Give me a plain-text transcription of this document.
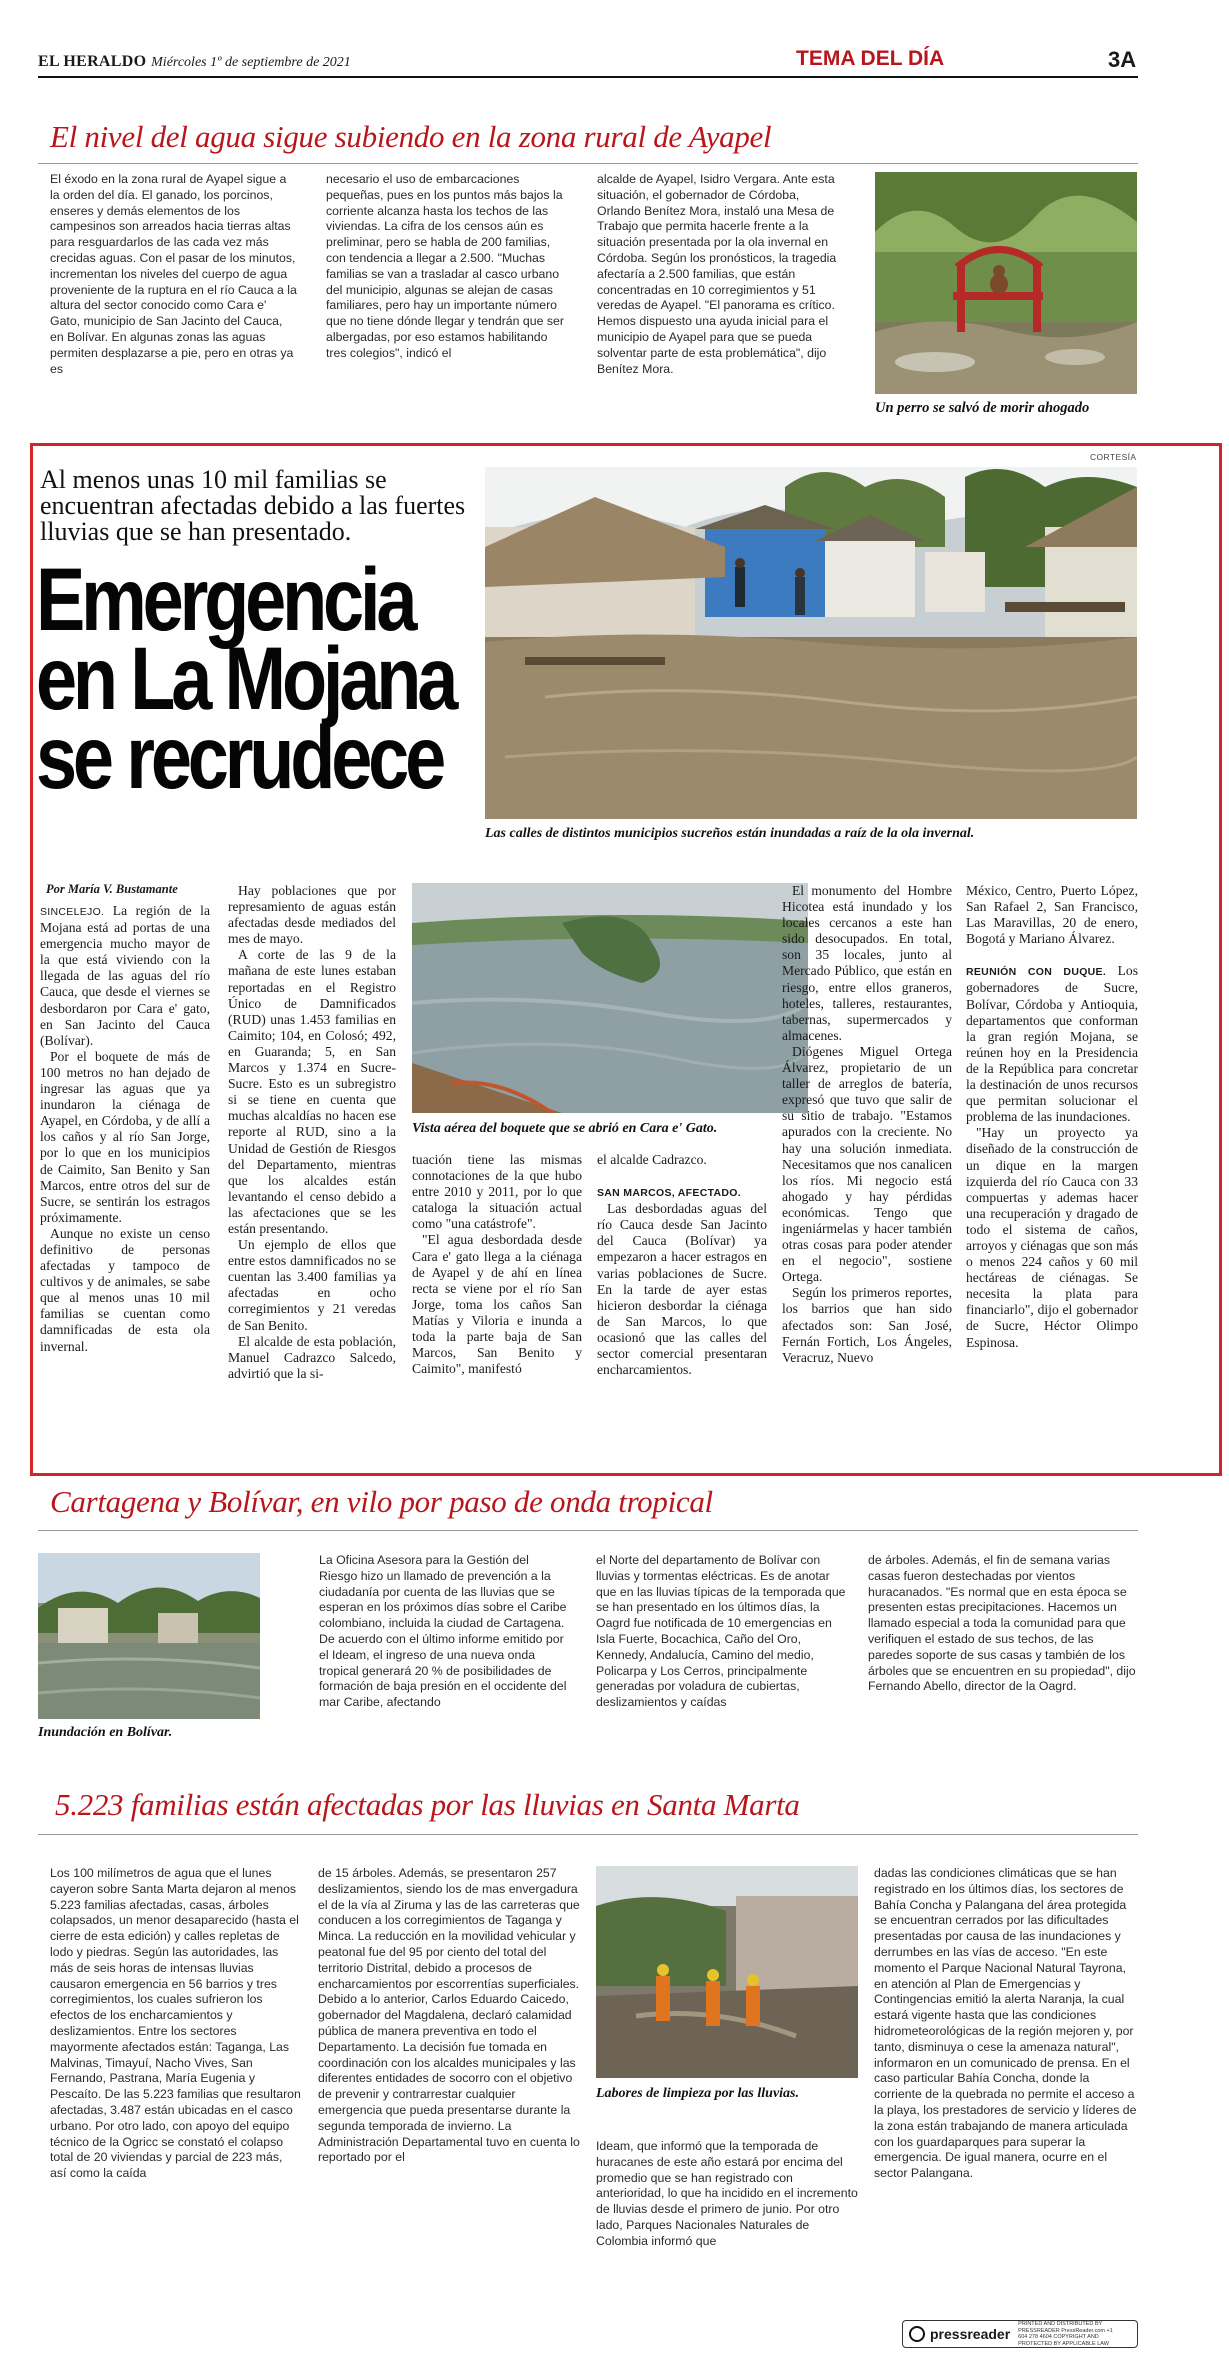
EL HERALDO Miércoles 1º de septiembre de 2021	TEMA DEL DÍA	3A
El nivel del agua sigue subiendo en la zona rural de Ayapel
El éxodo en la zona rural de Ayapel sigue a la orden del día. El ganado, los porcinos, enseres y demás elementos de los campesinos son arreados hacia tierras altas para resguardarlos de las cada vez más crecidas aguas. Con el pasar de los minutos, incrementan los niveles del cuerpo de agua proveniente de la ruptura en el río Cauca a la altura del sector conocido como Cara e' Gato, municipio de San Jacinto del Cauca, en Bolívar. En algunas zonas las aguas permiten desplazarse a pie, pero en otras ya es
necesario el uso de embarcaciones pequeñas, pues en los puntos más bajos la corriente alcanza hasta los techos de las viviendas. La cifra de los censos aún es preliminar, pero se habla de 200 familias, con tendencia a llegar a 2.500. "Muchas familias se van a trasladar al casco urbano del municipio, algunas se alejan de casas familiares, pero hay un importante número que no tiene dónde llegar y tendrán que ser albergadas, por eso estamos habilitando tres colegios", indicó el
alcalde de Ayapel, Isidro Vergara. Ante esta situación, el gobernador de Córdoba, Orlando Benítez Mora, instaló una Mesa de Trabajo que permita hacerle frente a la situación presentada por la ola invernal en Córdoba. Según los pronósticos, la tragedia afectaría a 2.500 familias, que están concentradas en 10 corregimientos y 51 veredas de Ayapel. "El panorama es crítico. Hemos dispuesto una ayuda inicial para el municipio de Ayapel para que se pueda solventar parte de esta problemática", dijo Benítez Mora.
Un perro se salvó de morir ahogado
CORTESÍA
Al menos unas 10 mil familias se encuentran afectadas debido a las fuertes lluvias que se han presentado.
Emergencia
en La Mojana
se recrudece
Las calles de distintos municipios sucreños están inundadas a raíz de la ola invernal.
Por María V. Bustamante

SINCELEJO. La región de la Mojana está ad portas de una emergencia mucho mayor de la que está viviendo con la llegada de las aguas del río Cauca, que desde el viernes se desbordaron por Cara e' gato, en San Jacinto del Cauca (Bolívar).

Por el boquete de más de 100 metros no han dejado de ingresar las aguas que ya inundaron la ciénaga de Ayapel, en Córdoba, y de allí a los caños y al río San Jorge, por lo que en los municipios de Caimito, San Benito y San Marcos, entre otros del sur de Sucre, se sentirán los estragos próximamente.

Aunque no existe un censo definitivo de personas afectadas y tampoco de cultivos y de animales, se sabe que al menos unas 10 mil familias se cuentan como damnificadas de esta ola invernal.

Hay poblaciones que por represamiento de aguas están afectadas desde mediados del mes de mayo.

A corte de las 9 de la mañana de este lunes estaban reportadas en el Registro Único de Damnificados (RUD) unas 1.453 familias en Caimito; 104, en Colosó; 492, en Guaranda; 5, en San Marcos y 1.374 en Sucre-Sucre. Esto es un subregistro si se tiene en cuenta que muchas alcaldías no hacen ese reporte al RUD, sino a la Unidad de Gestión de Riesgos del Departamento, mientras que los alcaldes están levantando el censo debido a las afectaciones que se les están presentando.

Un ejemplo de ellos que entre estos damnificados no se cuentan las 3.400 familias ya afectadas en ocho corregimientos y 21 veredas de San Benito.

El alcalde de esta población, Manuel Cadrazco Salcedo, advirtió que la si-

Vista aérea del boquete que se abrió en Cara e' Gato.

tuación tiene las mismas connotaciones de la que hubo entre 2010 y 2011, por lo que cataloga la situación actual como "una catástrofe".

"El agua desbordada desde Cara e' gato llega a la ciénaga de Ayapel y de ahí en línea recta se viene por el río San Jorge, toma los caños San Matías y Viloria e inunda a toda la parte baja de San Marcos, San Benito y Caimito", manifestó

el alcalde Cadrazco.

SAN MARCOS, AFECTADO.

Las desbordadas aguas del río Cauca desde San Jacinto del Cauca (Bolívar) ya empezaron a hacer estragos en varias poblaciones de Sucre. En la tarde de ayer estas hicieron desbordar la ciénaga de San Marcos, lo que ocasionó que las calles del sector comercial presentaran encharcamientos.

El monumento del Hombre Hicotea está inundado y los locales cercanos a este han sido desocupados. En total, son 35 locales, junto al Mercado Público, que están en riesgo, entre ellos graneros, hoteles, talleres, restaurantes, tabernas, supermercados y almacenes.

Diógenes Miguel Ortega Álvarez, propietario de un taller de arreglos de batería, expresó que tuvo que salir de su sitio de trabajo. "Estamos apurados con la creciente. No hay una solución inmediata. Necesitamos que nos canalicen los ríos. Mi negocio está ahogado y hay pérdidas económicas. Tengo que ingeniármelas y hacer también otras cosas para poder atender en el negocio", sostiene Ortega.

Según los primeros reportes, los barrios que han sido afectados son: San José, Fernán Fortich, Los Ángeles, Veracruz, Nuevo

México, Centro, Puerto López, San Rafael 2, San Francisco, Las Maravillas, 20 de enero, Bogotá y Mariano Álvarez.

REUNIÓN CON DUQUE. Los gobernadores de Sucre, Bolívar, Córdoba y Antioquia, departamentos que conforman la gran región Mojana, se reúnen hoy en la Presidencia de la República para concretar la destinación de unos recursos que permitan solucionar el problema de las inundaciones.

"Hay un proyecto ya diseñado de la construcción de un dique en la margen izquierda del río Cauca con 33 compuertas y ademas hacer una recuperación y dragado de todo el sistema de caños, arroyos y ciénagas que son más o menos 224 caños y 60 mil hectáreas de ciénagas. Se necesita la plata para financiarlo", dijo el gobernador de Sucre, Héctor Olimpo Espinosa.

Cartagena y Bolívar, en vilo por paso de onda tropical
Inundación en Bolívar.
La Oficina Asesora para la Gestión del Riesgo hizo un llamado de prevención a la ciudadanía por cuenta de las lluvias que se esperan en los próximos días sobre el Caribe colombiano, incluida la ciudad de Cartagena. De acuerdo con el último informe emitido por el Ideam, el ingreso de una nueva onda tropical generará 20 % de posibilidades de formación de baja presión en el occidente del mar Caribe, afectando
el Norte del departamento de Bolívar con lluvias y tormentas eléctricas. Es de anotar que en las lluvias típicas de la temporada que se han presentado en los últimos días, la Oagrd fue notificada de 10 emergencias en Isla Fuerte, Bocachica, Caño del Oro, Kennedy, Andalucía, Camino del medio, Policarpa y Los Cerros, principalmente generadas por voladura de cubiertas, deslizamientos y caídas
de árboles. Además, el fin de semana varias casas fueron destechadas por vientos huracanados. "Es normal que en esta época se presenten estas precipitaciones. Hacemos un llamado especial a toda la comunidad para que verifiquen el estado de sus techos, de las paredes soporte de sus casas y también de los árboles que se encuentren en su propiedad", dijo Fernando Abello, director de la Oagrd.
5.223 familias están afectadas por las lluvias en Santa Marta
Los 100 milímetros de agua que el lunes cayeron sobre Santa Marta dejaron al menos 5.223 familias afectadas, casas, árboles colapsados, un menor desaparecido (hasta el cierre de esta edición) y calles repletas de lodo y piedras. Según las autoridades, las más de seis horas de intensas lluvias causaron emergencia en 56 barrios y tres corregimientos, los cuales sufrieron los efectos de los encharcamientos y deslizamientos. Entre los sectores mayormente afectados están: Taganga, Las Malvinas, Timayuí, Nacho Vives, San Fernando, Pastrana, María Eugenia y Pescaíto. De las 5.223 familias que resultaron afectadas, 3.487 están ubicadas en el casco urbano. Por otro lado, con apoyo del equipo técnico de la Ogricc se constató el colapso total de 20 viviendas y parcial de 223 más, así como la caída
de 15 árboles. Además, se presentaron 257 deslizamientos, siendo los de mas envergadura el de la vía al Ziruma y las de las carreteras que conducen a los corregimientos de Taganga y Minca. La reducción en la movilidad vehicular y peatonal fue del 95 por ciento del total del territorio Distrital, debido a procesos de encharcamientos por escorrentías superficiales. Debido a lo anterior, Carlos Eduardo Caicedo, gobernador del Magdalena, declaró calamidad pública de manera preventiva en todo el Departamento. La decisión fue tomada en coordinación con los alcaldes municipales y las diferentes entidades de socorro con el objetivo de prevenir y contrarrestar cualquier emergencia que pueda presentarse durante la segunda temporada de invierno. La Administración Departamental tuvo en cuenta lo reportado por el
Labores de limpieza por las lluvias.
Ideam, que informó que la temporada de huracanes de este año estará por encima del promedio que se han registrado con anterioridad, lo que ha incidido en el incremento de lluvias desde el primero de junio. Por otro lado, Parques Nacionales Naturales de Colombia informó que
dadas las condiciones climáticas que se han registrado en los últimos días, los sectores de Bahía Concha y Palangana del área protegida se encuentran cerrados por las dificultades presentadas por causa de las inundaciones y derrumbes en las vías de acceso. "En este momento el Parque Nacional Natural Tayrona, en atención al Plan de Emergencias y Contingencias emitió la alerta Naranja, la cual estará vigente hasta que las condiciones hidrometeorológicas de la región mejoren y, por tanto, disminuya o cese la amenaza natural", informaron en un comunicado de prensa. En el caso particular Bahía Concha, donde la corriente de la quebrada no permite el acceso a la playa, los prestadores de servicio y líderes de la zona están trabajando de manera articulada con los guardaparques para superar la emergencia. De igual manera, ocurre en el sector Palangana.
pressreader
PRINTED AND DISTRIBUTED BY PRESSREADER PressReader.com +1 604 278 4604 COPYRIGHT AND PROTECTED BY APPLICABLE LAW
